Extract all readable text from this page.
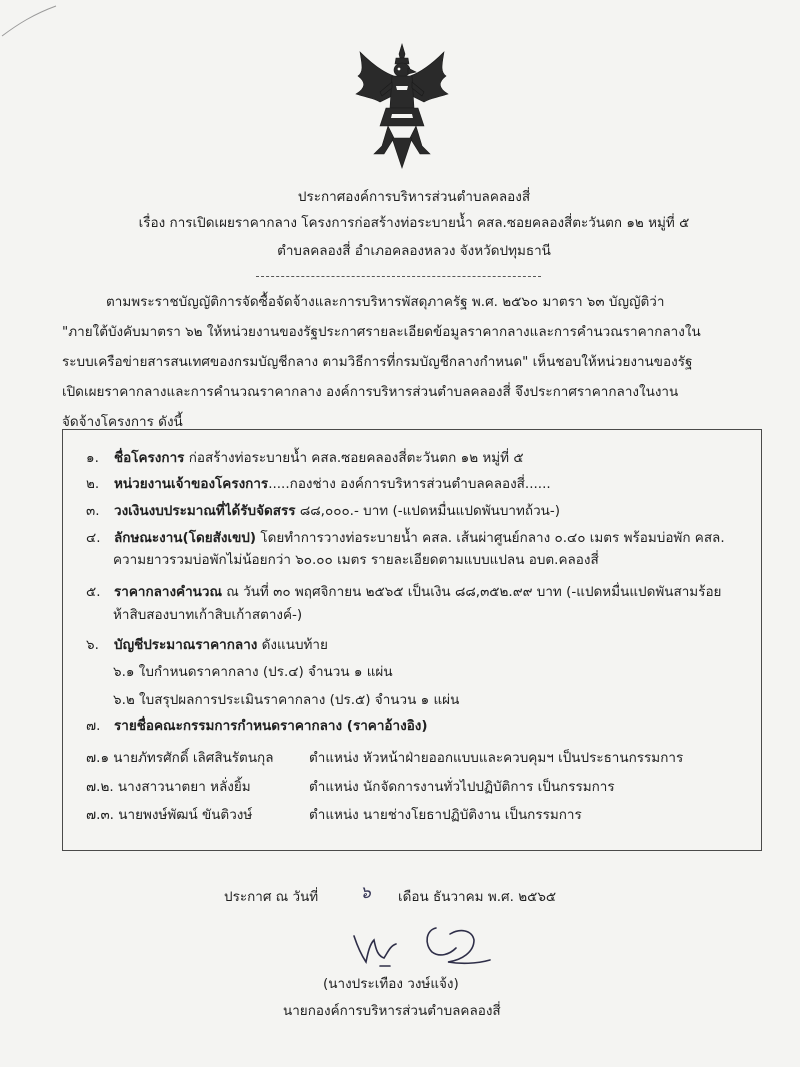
ประกาศองค์การบริหารส่วนตำบลคลองสี่
เรื่อง การเปิดเผยราคากลาง โครงการก่อสร้างท่อระบายน้ำ คสล.ซอยคลองสี่ตะวันตก ๑๒ หมู่ที่ ๕
ตำบลคลองสี่ อำเภอคลองหลวง จังหวัดปทุมธานี
ตามพระราชบัญญัติการจัดซื้อจัดจ้างและการบริหารพัสดุภาครัฐ พ.ศ. ๒๕๖๐ มาตรา ๖๓ บัญญัติว่า
"ภายใต้บังคับมาตรา ๖๒ ให้หน่วยงานของรัฐประกาศรายละเอียดข้อมูลราคากลางและการคำนวณราคากลางใน
ระบบเครือข่ายสารสนเทศของกรมบัญชีกลาง ตามวิธีการที่กรมบัญชีกลางกำหนด" เห็นชอบให้หน่วยงานของรัฐ
เปิดเผยราคากลางและการคำนวณราคากลาง องค์การบริหารส่วนตำบลคลองสี่ จึงประกาศราคากลางในงาน
จัดจ้างโครงการ ดังนี้
๑. ชื่อโครงการ ก่อสร้างท่อระบายน้ำ คสล.ซอยคลองสี่ตะวันตก ๑๒ หมู่ที่ ๕
๒. หน่วยงานเจ้าของโครงการ.....กองช่าง องค์การบริหารส่วนตำบลคลองสี่......
๓. วงเงินงบประมาณที่ได้รับจัดสรร ๘๘,๐๐๐.- บาท (-แปดหมื่นแปดพันบาทถ้วน-)
๔. ลักษณะงาน(โดยสังเขป) โดยทำการวางท่อระบายน้ำ คสล. เส้นผ่าศูนย์กลาง ๐.๔๐ เมตร พร้อมบ่อพัก คสล.
ความยาวรวมบ่อพักไม่น้อยกว่า ๖๐.๐๐ เมตร รายละเอียดตามแบบแปลน อบต.คลองสี่
๕. ราคากลางคำนวณ ณ วันที่ ๓๐ พฤศจิกายน ๒๕๖๕ เป็นเงิน ๘๘,๓๕๒.๙๙ บาท (-แปดหมื่นแปดพันสามร้อย
ห้าสิบสองบาทเก้าสิบเก้าสตางค์-)
๖. บัญชีประมาณราคากลาง ดังแนบท้าย
๖.๑ ใบกำหนดราคากลาง (ปร.๔) จำนวน ๑ แผ่น
๖.๒ ใบสรุปผลการประเมินราคากลาง (ปร.๕) จำนวน ๑ แผ่น
๗. รายชื่อคณะกรรมการกำหนดราคากลาง (ราคาอ้างอิง)
๗.๑ นายภัทรศักดิ์ เลิศสินรัตนกุล	ตำแหน่ง หัวหน้าฝ่ายออกแบบและควบคุมฯ เป็นประธานกรรมการ
๗.๒. นางสาวนาตยา หลั่งยิ้ม	ตำแหน่ง นักจัดการงานทั่วไปปฏิบัติการ เป็นกรรมการ
๗.๓. นายพงษ์พัฒน์ ขันติวงษ์	ตำแหน่ง นายช่างโยธาปฏิบัติงาน เป็นกรรมการ
ประกาศ ณ วันที่ ๖ เดือน ธันวาคม พ.ศ. ๒๕๖๕
(นางประเทือง วงษ์แจ้ง)
นายกองค์การบริหารส่วนตำบลคลองสี่
